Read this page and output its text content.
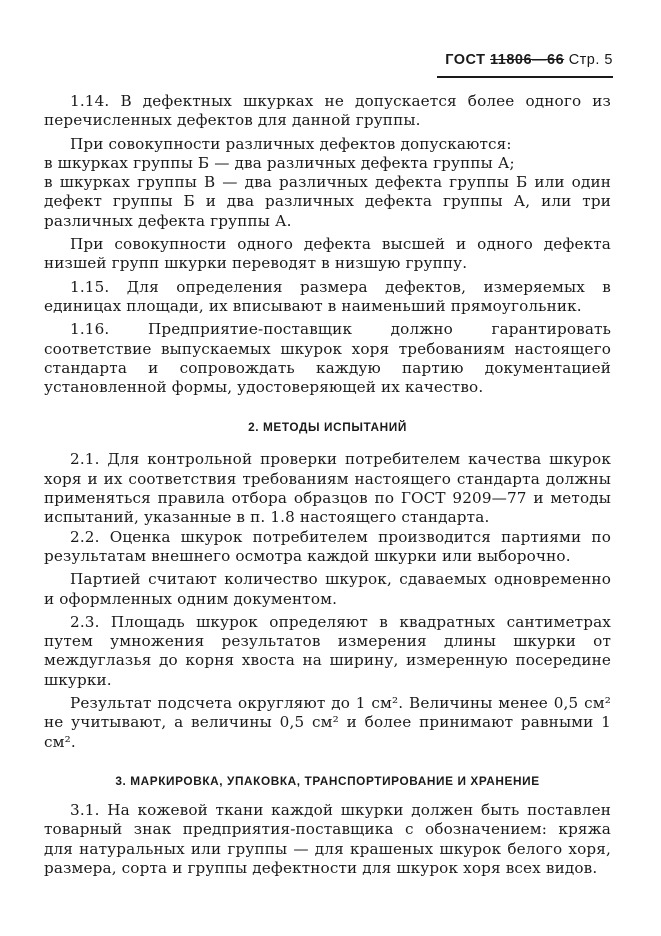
ГОСТ 11806—66 Стр. 5

1.14. В дефектных шкурках не допускается более одного из перечисленных дефектов для данной группы.

При совокупности различных дефектов допускаются:

в шкурках группы Б — два различных дефекта группы А;

в шкурках группы В — два различных дефекта группы Б или один дефект группы Б и два различных дефекта группы А, или три различных дефекта группы А.

При совокупности одного дефекта высшей и одного дефекта низшей групп шкурки переводят в низшую группу.

1.15. Для определения размера дефектов, измеряемых в единицах площади, их вписывают в наименьший прямоугольник.

1.16. Предприятие-поставщик должно гарантировать соответствие выпускаемых шкурок хоря требованиям настоящего стандарта и сопровождать каждую партию документацией установленной формы, удостоверяющей их качество.

2. МЕТОДЫ ИСПЫТАНИЙ

2.1. Для контрольной проверки потребителем качества шкурок хоря и их соответствия требованиям настоящего стандарта должны применяться правила отбора образцов по ГОСТ 9209—77 и методы испытаний, указанные в п. 1.8 настоящего стандарта.

2.2. Оценка шкурок потребителем производится партиями по результатам внешнего осмотра каждой шкурки или выборочно.

Партией считают количество шкурок, сдаваемых одновременно и оформленных одним документом.

2.3. Площадь шкурок определяют в квадратных сантиметрах путем умножения результатов измерения длины шкурки от междуглазья до корня хвоста на ширину, измеренную посередине шкурки.

Результат подсчета округляют до 1 см². Величины менее 0,5 см² не учитывают, а величины 0,5 см² и более принимают равными 1 см².

3. МАРКИРОВКА, УПАКОВКА, ТРАНСПОРТИРОВАНИЕ И ХРАНЕНИЕ

3.1. На кожевой ткани каждой шкурки должен быть поставлен товарный знак предприятия-поставщика с обозначением: кряжа для натуральных или группы — для крашеных шкурок белого хоря, размера, сорта и группы дефектности для шкурок хоря всех видов.
